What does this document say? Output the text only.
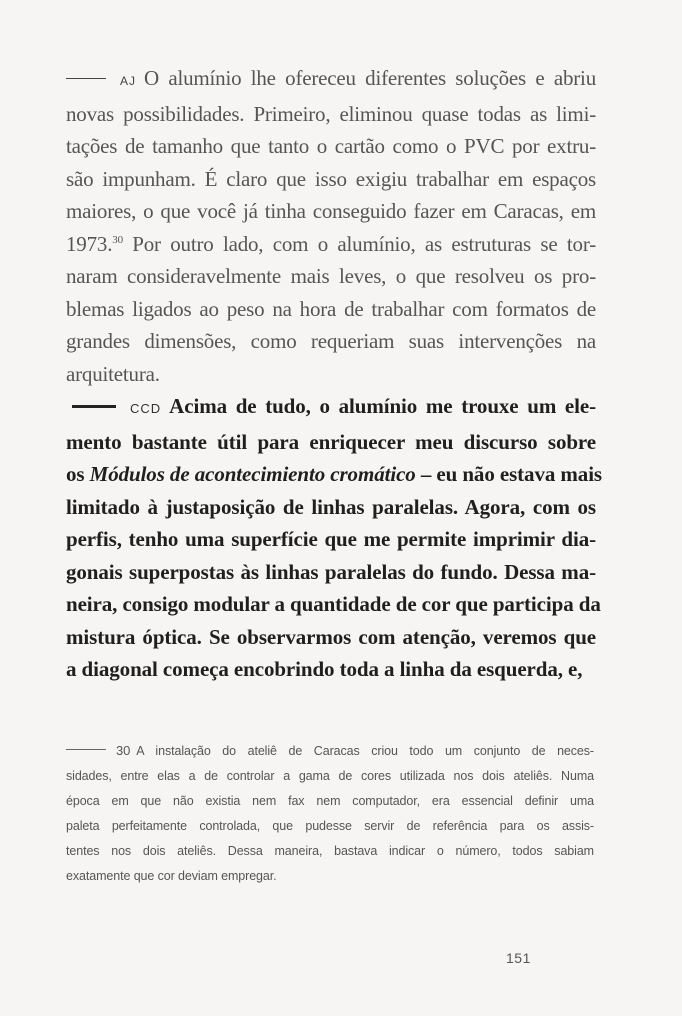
AJ O alumínio lhe ofereceu diferentes soluções e abriu
novas possibilidades. Primeiro, eliminou quase todas as limi-
tações de tamanho que tanto o cartão como o PVC por extru-
são impunham. É claro que isso exigiu trabalhar em espaços
maiores, o que você já tinha conseguido fazer em Caracas, em
1973.30 Por outro lado, com o alumínio, as estruturas se tor-
naram consideravelmente mais leves, o que resolveu os pro-
blemas ligados ao peso na hora de trabalhar com formatos de
grandes dimensões, como requeriam suas intervenções na
arquitetura.
CCD Acima de tudo, o alumínio me trouxe um ele-
mento bastante útil para enriquecer meu discurso sobre
os Módulos de acontecimiento cromático – eu não estava mais
limitado à justaposição de linhas paralelas. Agora, com os
perfis, tenho uma superfície que me permite imprimir dia-
gonais superpostas às linhas paralelas do fundo. Dessa ma-
neira, consigo modular a quantidade de cor que participa da
mistura óptica. Se observarmos com atenção, veremos que
a diagonal começa encobrindo toda a linha da esquerda, e,
30 A instalação do ateliê de Caracas criou todo um conjunto de neces-
sidades, entre elas a de controlar a gama de cores utilizada nos dois ateliês. Numa
época em que não existia nem fax nem computador, era essencial definir uma
paleta perfeitamente controlada, que pudesse servir de referência para os assis-
tentes nos dois ateliês. Dessa maneira, bastava indicar o número, todos sabiam
exatamente que cor deviam empregar.
151
